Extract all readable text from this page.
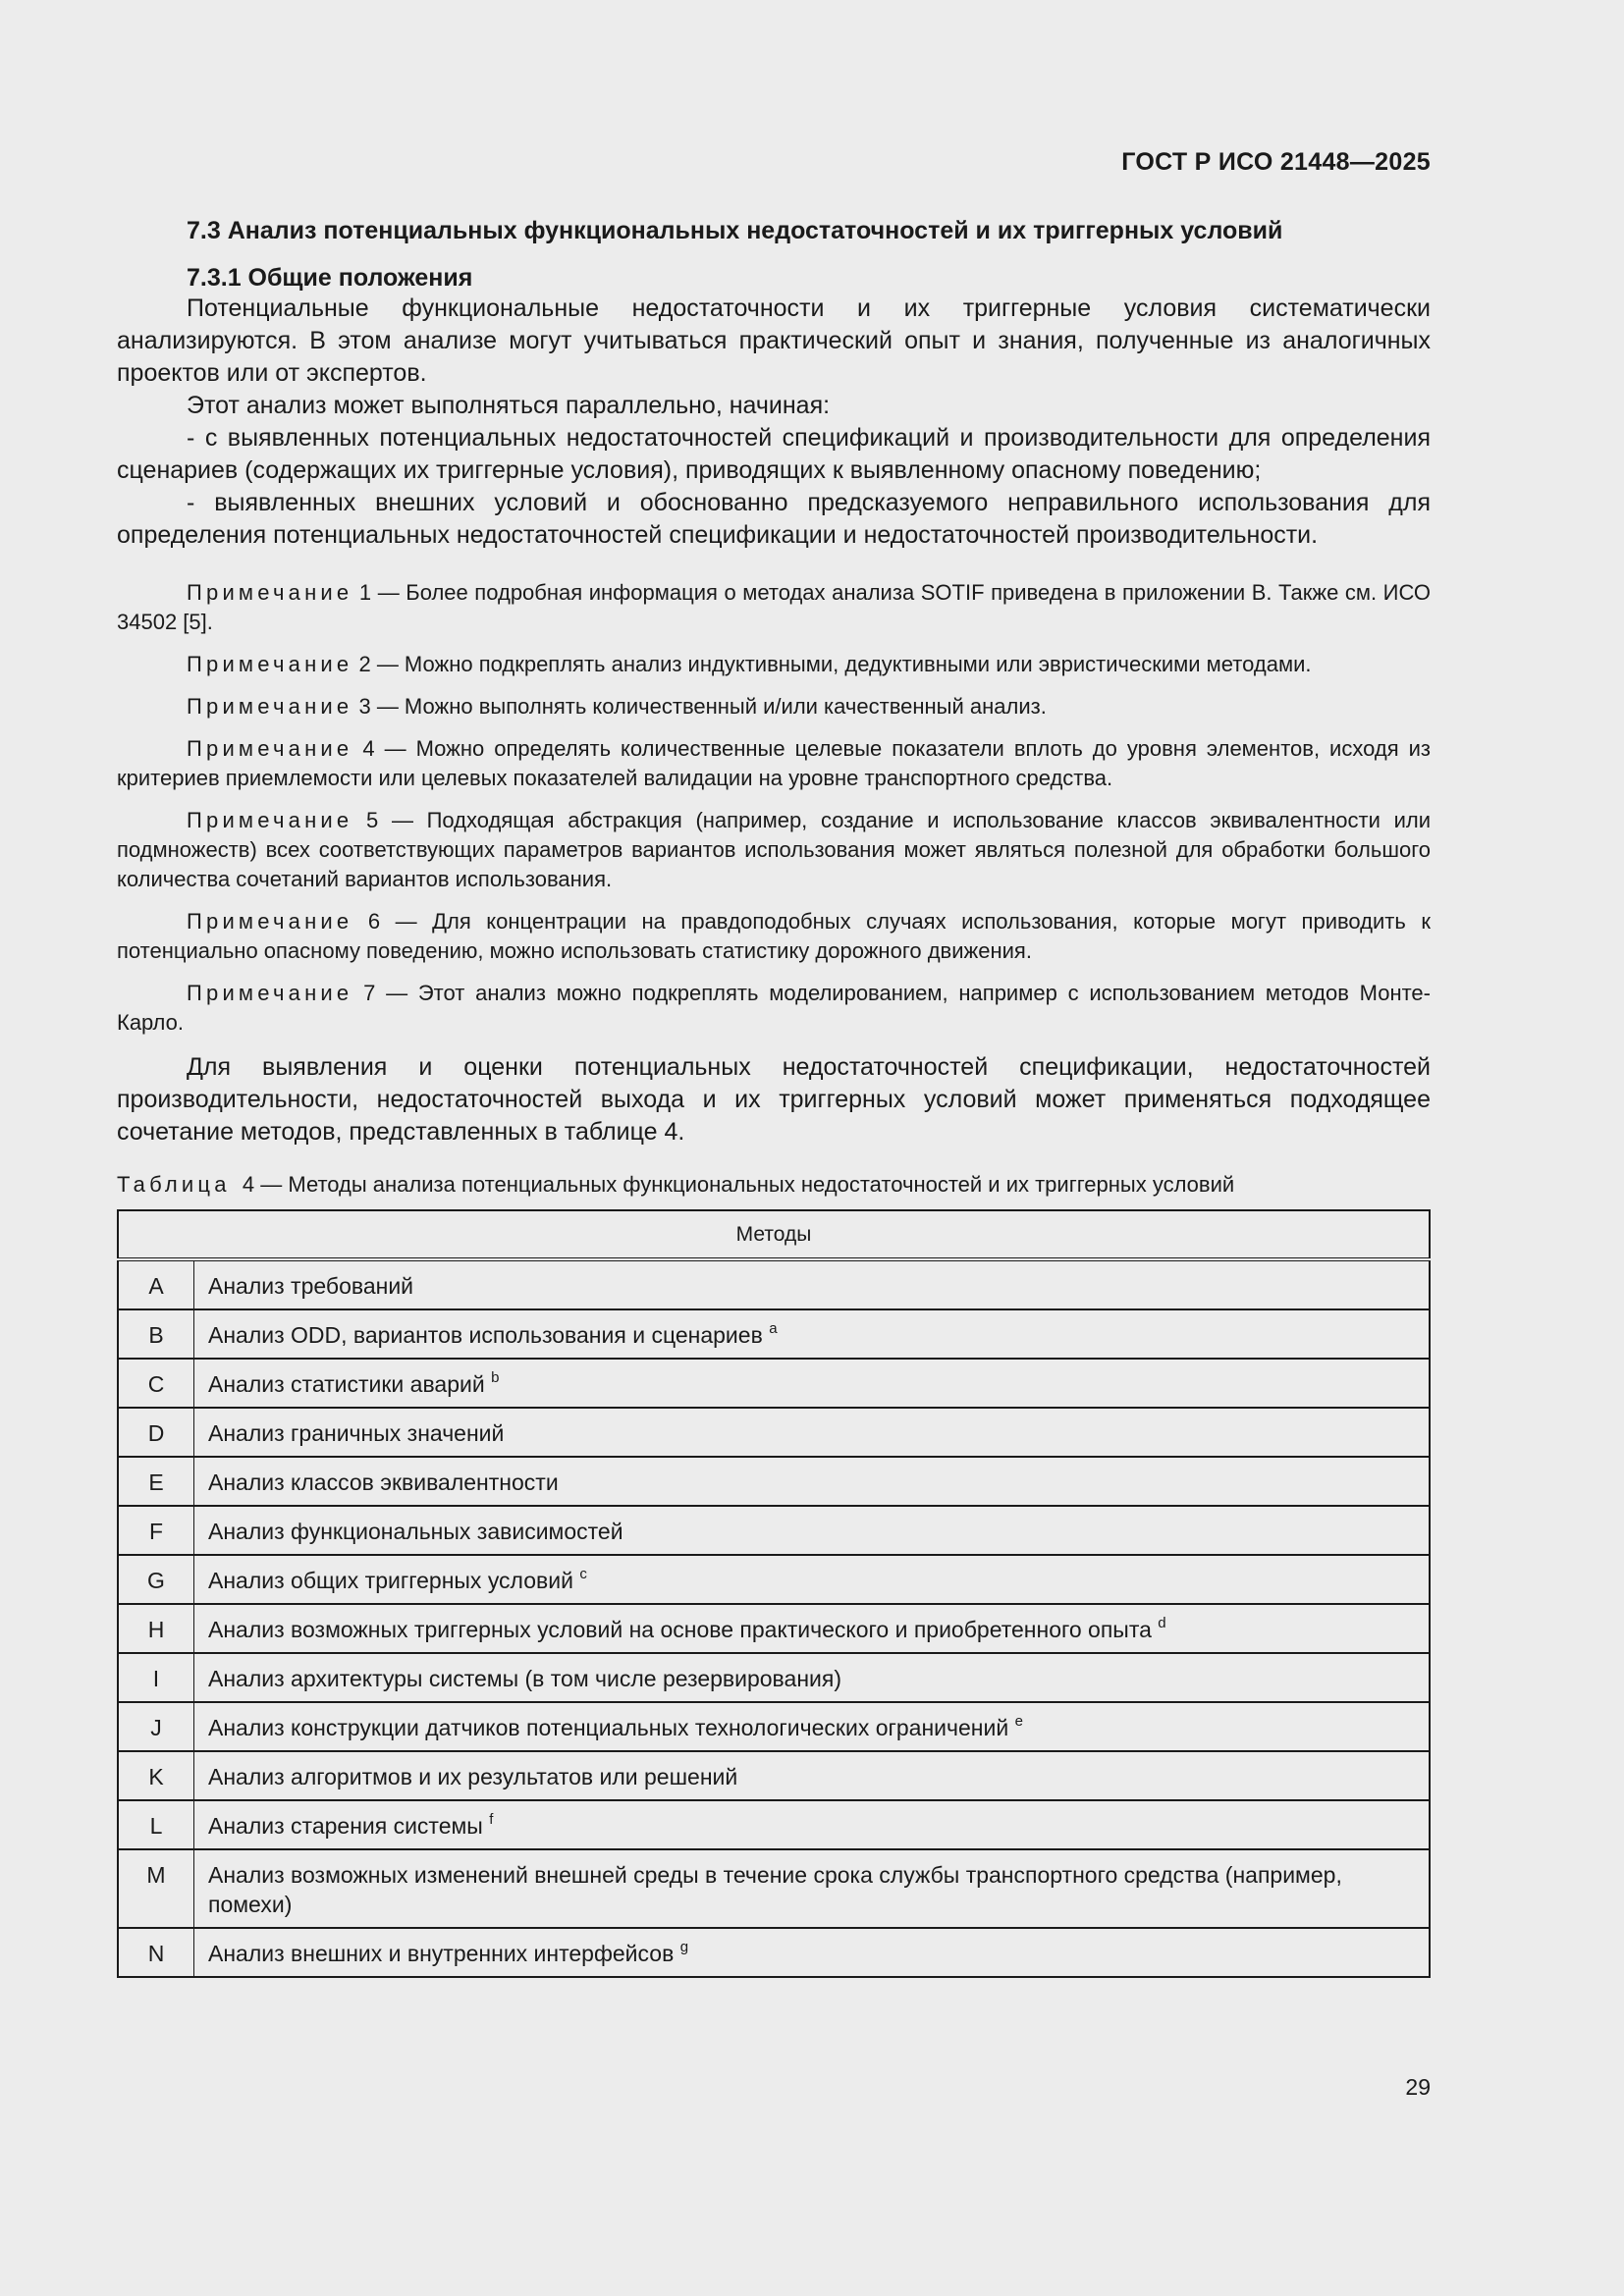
ГОСТ Р ИСО 21448—2025
7.3 Анализ потенциальных функциональных недостаточностей и их триггерных условий
7.3.1 Общие положения

Потенциальные функциональные недостаточности и их триггерные условия систематически анализируются. В этом анализе могут учитываться практический опыт и знания, полученные из аналогичных проектов или от экспертов.

Этот анализ может выполняться параллельно, начиная:

- с выявленных потенциальных недостаточностей спецификаций и производительности для определения сценариев (содержащих их триггерные условия), приводящих к выявленному опасному поведению;

- выявленных внешних условий и обоснованно предсказуемого неправильного использования для определения потенциальных недостаточностей спецификации и недостаточностей производительности.

Примечание 1 — Более подробная информация о методах анализа SOTIF приведена в приложении В. Также см. ИСО 34502 [5].

Примечание 2 — Можно подкреплять анализ индуктивными, дедуктивными или эвристическими методами.

Примечание 3 — Можно выполнять количественный и/или качественный анализ.

Примечание 4 — Можно определять количественные целевые показатели вплоть до уровня элементов, исходя из критериев приемлемости или целевых показателей валидации на уровне транспортного средства.

Примечание 5 — Подходящая абстракция (например, создание и использование классов эквивалентности или подмножеств) всех соответствующих параметров вариантов использования может являться полезной для обработки большого количества сочетаний вариантов использования.

Примечание 6 — Для концентрации на правдоподобных случаях использования, которые могут приводить к потенциально опасному поведению, можно использовать статистику дорожного движения.

Примечание 7 — Этот анализ можно подкреплять моделированием, например с использованием методов Монте-Карло.

Для выявления и оценки потенциальных недостаточностей спецификации, недостаточностей производительности, недостаточностей выхода и их триггерных условий может применяться подходящее сочетание методов, представленных в таблице 4.

Таблица 4 — Методы анализа потенциальных функциональных недостаточностей и их триггерных условий
Методы	
A	Анализ требований
B	Анализ ODD, вариантов использования и сценариев $^a$
C	Анализ статистики аварий $^b$
D	Анализ граничных значений
E	Анализ классов эквивалентности
F	Анализ функциональных зависимостей
G	Анализ общих триггерных условий $^c$
H	Анализ возможных триггерных условий на основе практического и приобретенного опыта $^d$
I	Анализ архитектуры системы (в том числе резервирования)
J	Анализ конструкции датчиков потенциальных технологических ограничений $^e$
K	Анализ алгоритмов и их результатов или решений
L	Анализ старения системы $^f$
M	Анализ возможных изменений внешней среды в течение срока службы транспортного средства (например, помехи)
N	Анализ внешних и внутренних интерфейсов $^g$
29
